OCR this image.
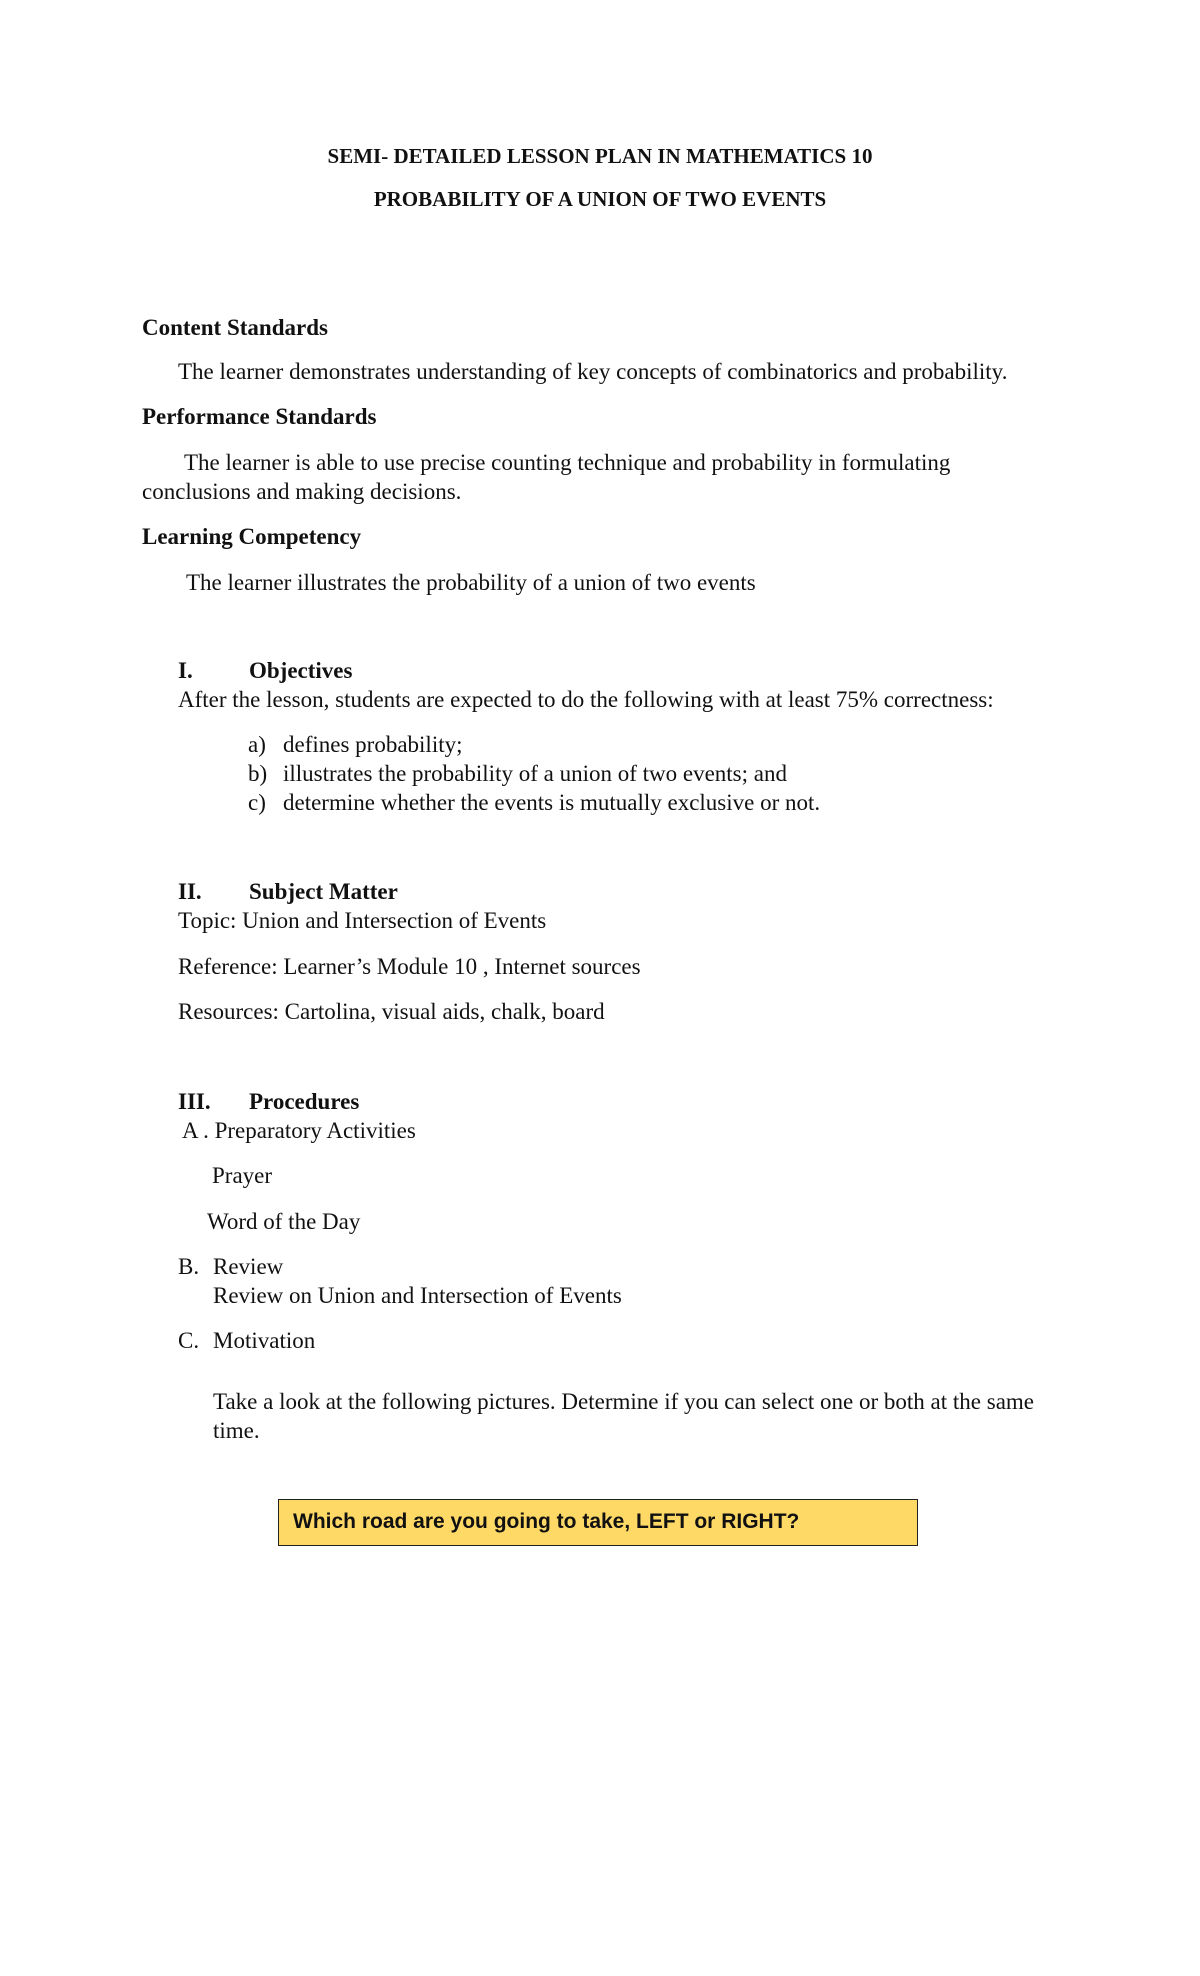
SEMI- DETAILED LESSON PLAN IN MATHEMATICS 10
PROBABILITY OF A UNION OF TWO EVENTS
Content Standards
The learner demonstrates understanding of key concepts of combinatorics and probability.
Performance Standards
The learner is able to use precise counting technique and probability in formulating
conclusions and making decisions.
Learning Competency
The learner illustrates the probability of a union of two events
I. Objectives
After the lesson, students are expected to do the following with at least 75% correctness:
a) defines probability;
b) illustrates the probability of a union of two events; and
c) determine whether the events is mutually exclusive or not.
II. Subject Matter
Topic: Union and Intersection of Events
Reference: Learner’s Module 10 , Internet sources
Resources: Cartolina, visual aids, chalk, board
III. Procedures
A . Preparatory Activities
Prayer
Word of the Day
B. Review
Review on Union and Intersection of Events
C. Motivation
Take a look at the following pictures. Determine if you can select one or both at the same
time.
Which road are you going to take, LEFT or RIGHT?
